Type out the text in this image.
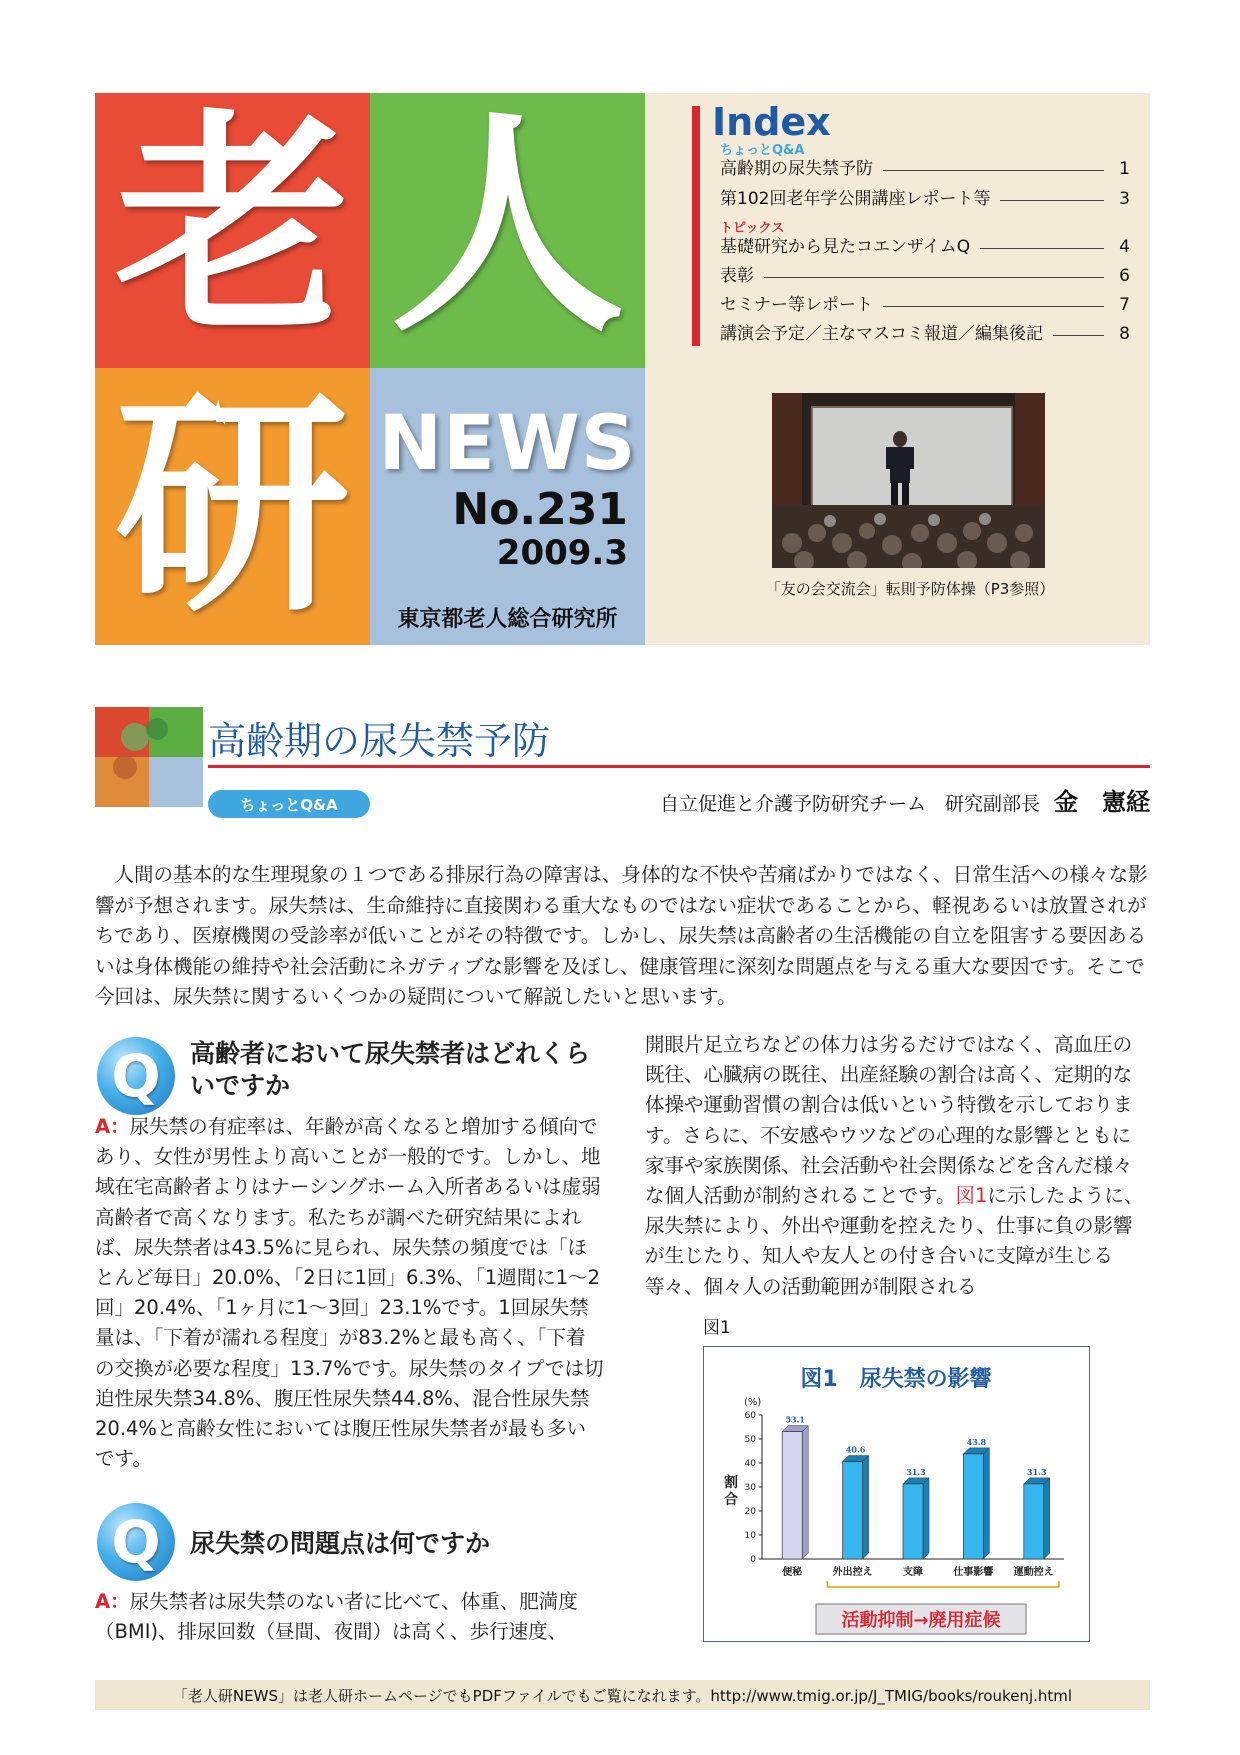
老 人
研 NEWS
No.231
2009.3
東京都老人総合研究所
Index
ちょっとQ&A
高齢期の尿失禁予防	1
第102回老年学公開講座レポート等	3
トピックス
基礎研究から見たコエンザイムQ	4
表彰	6
セミナー等レポート	7
講演会予定／主なマスコミ報道／編集後記	8
「友の会交流会」転則予防体操（P3参照）
高齢期の尿失禁予防
ちょっとQ&A	自立促進と介護予防研究チーム　研究副部長 金　憲経

人間の基本的な生理現象の１つである排尿行為の障害は、身体的な不快や苦痛ばかりではなく、日常生活への様々な影響が予想されます。尿失禁は、生命維持に直接関わる重大なものではない症状であることから、軽視あるいは放置されがちであり、医療機関の受診率が低いことがその特徴です。しかし、尿失禁は高齢者の生活機能の自立を阻害する要因あるいは身体機能の維持や社会活動にネガティブな影響を及ぼし、健康管理に深刻な問題点を与える重大な要因です。そこで今回は、尿失禁に関するいくつかの疑問について解説したいと思います。

Q	高齢者において尿失禁者はどれくらいですか

A：尿失禁の有症率は、年齢が高くなると増加する傾向であり、女性が男性より高いことが一般的です。しかし、地域在宅高齢者よりはナーシングホーム入所者あるいは虚弱高齢者で高くなります。私たちが調べた研究結果によれば、尿失禁者は43.5%に見られ、尿失禁の頻度では「ほとんど毎日」20.0%、「2日に1回」6.3%、「1週間に1〜2回」20.4%、「1ヶ月に1〜3回」23.1%です。1回尿失禁量は、「下着が濡れる程度」が83.2%と最も高く、「下着の交換が必要な程度」13.7%です。尿失禁のタイプでは切迫性尿失禁34.8%、腹圧性尿失禁44.8%、混合性尿失禁20.4%と高齢女性においては腹圧性尿失禁者が最も多いです。

Q	尿失禁の問題点は何ですか

A：尿失禁者は尿失禁のない者に比べて、体重、肥満度（BMI)、排尿回数（昼間、夜間）は高く、歩行速度、

開眼片足立ちなどの体力は劣るだけではなく、高血圧の既往、心臓病の既往、出産経験の割合は高く、定期的な体操や運動習慣の割合は低いという特徴を示しております。さらに、不安感やウツなどの心理的な影響とともに家事や家族関係、社会活動や社会関係などを含んだ様々な個人活動が制約されることです。図1に示したように、尿失禁により、外出や運動を控えたり、仕事に負の影響が生じたり、知人や友人との付き合いに支障が生じる等々、個々人の活動範囲が制限される

図1
図1　尿失禁の影響
(%)
割合
0
10
20
30
40
50
60	53.1
40.6
31.3
43.8
31.3
便秘	外出控え	支障	仕事影響 運動控え
活動抑制→廃用症候
「老人研NEWS」は老人研ホームページでもPDFファイルでもご覧になれます。http://www.tmig.or.jp/J_TMIG/books/roukenj.html
